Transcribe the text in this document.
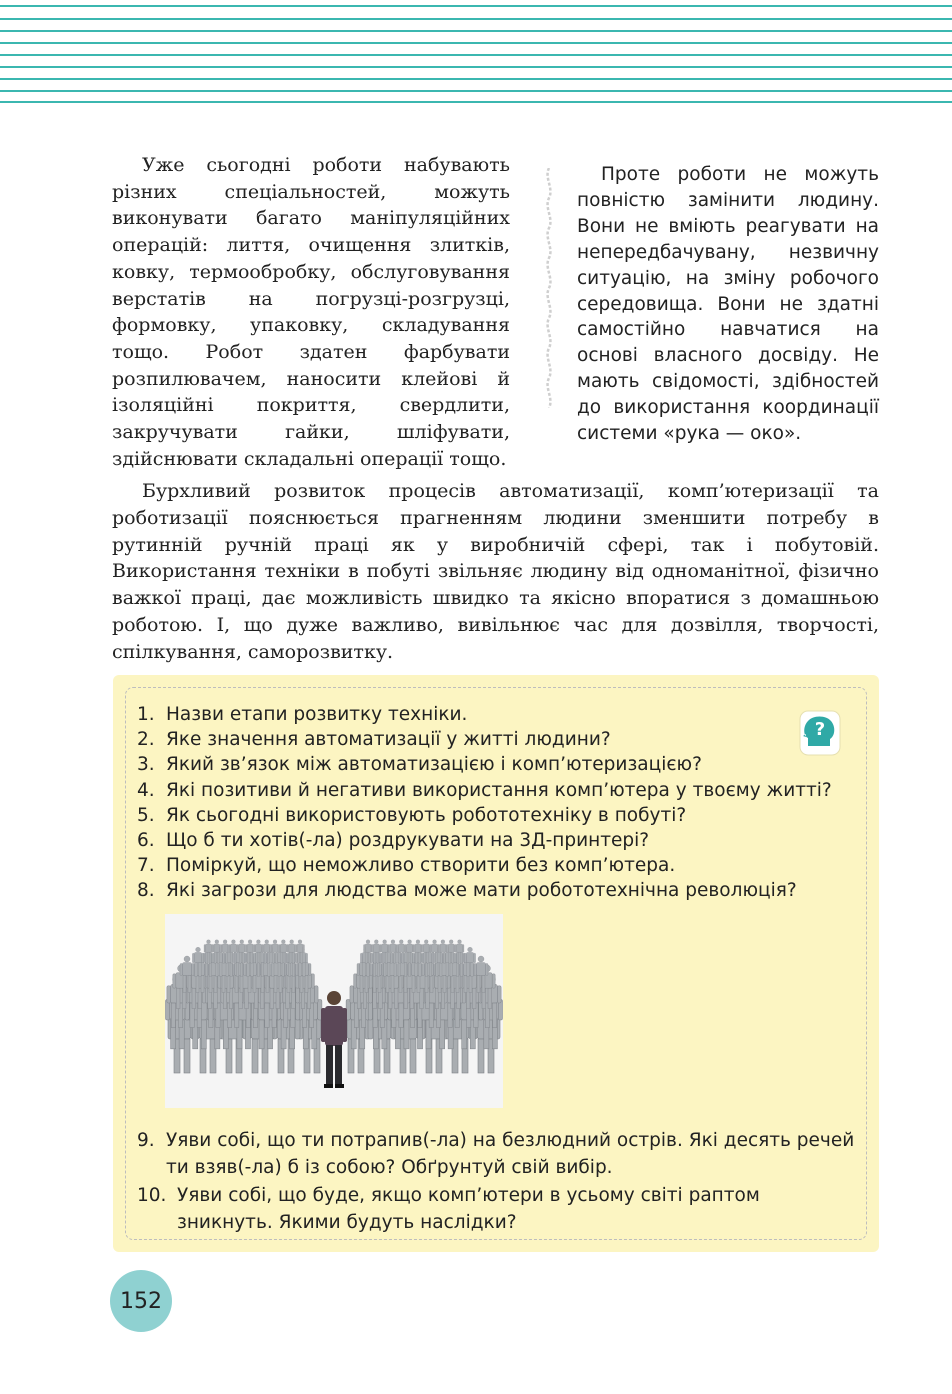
Уже сьогодні роботи набувають різних спеціальностей, можуть виконувати багато маніпуляційних операцій: лиття, очищення злитків, ковку, термообробку, обслуговування верстатів на погрузці-розгрузці, формовку, упаковку, складування тощо. Робот здатен фарбувати розпилювачем, наносити клейові й ізоляційні покриття, свердлити, закручувати гайки, шліфувати, здійснювати складальні операції тощо.

Проте роботи не можуть повністю замінити людину. Вони не вміють реагувати на непередбачувану, незвичну ситуацію, на зміну робочого середовища. Вони не здатні самостійно навчатися на основі власного досвіду. Не мають свідомості, здібностей до використання координації системи «рука — око».

Бурхливий розвиток процесів автоматизації, комп’ютеризації та роботизації пояснюється прагненням людини зменшити потребу в рутинній ручній праці як у виробничій сфері, так і побутовій. Використання техніки в побуті звільняє людину від одноманітної, фізично важкої праці, дає можливість швидко та якісно впоратися з домашньою роботою. І, що дуже важливо, вивільнює час для дозвілля, творчості, спілкування, саморозвитку.

1. Назви етапи розвитку техніки.
2. Яке значення автоматизації у житті людини?
3. Який зв’язок між автоматизацією і комп’ютеризацією?
4. Які позитиви й негативи використання комп’ютера у твоєму житті?
5. Як сьогодні використовують робототехніку в побуті?
6. Що б ти хотів(-ла) роздрукувати на 3Д-принтері?
7. Поміркуй, що неможливо створити без комп’ютера.
8. Які загрози для людства може мати робототехнічна революція?
?
9. Уяви собі, що ти потрапив(-ла) на безлюдний острів. Які десять речей ти взяв(-ла) б із собою? Обґрунтуй свій вибір.
10. Уяви собі, що буде, якщо комп’ютери в усьому світі раптом зникнуть. Якими будуть наслідки?
152
